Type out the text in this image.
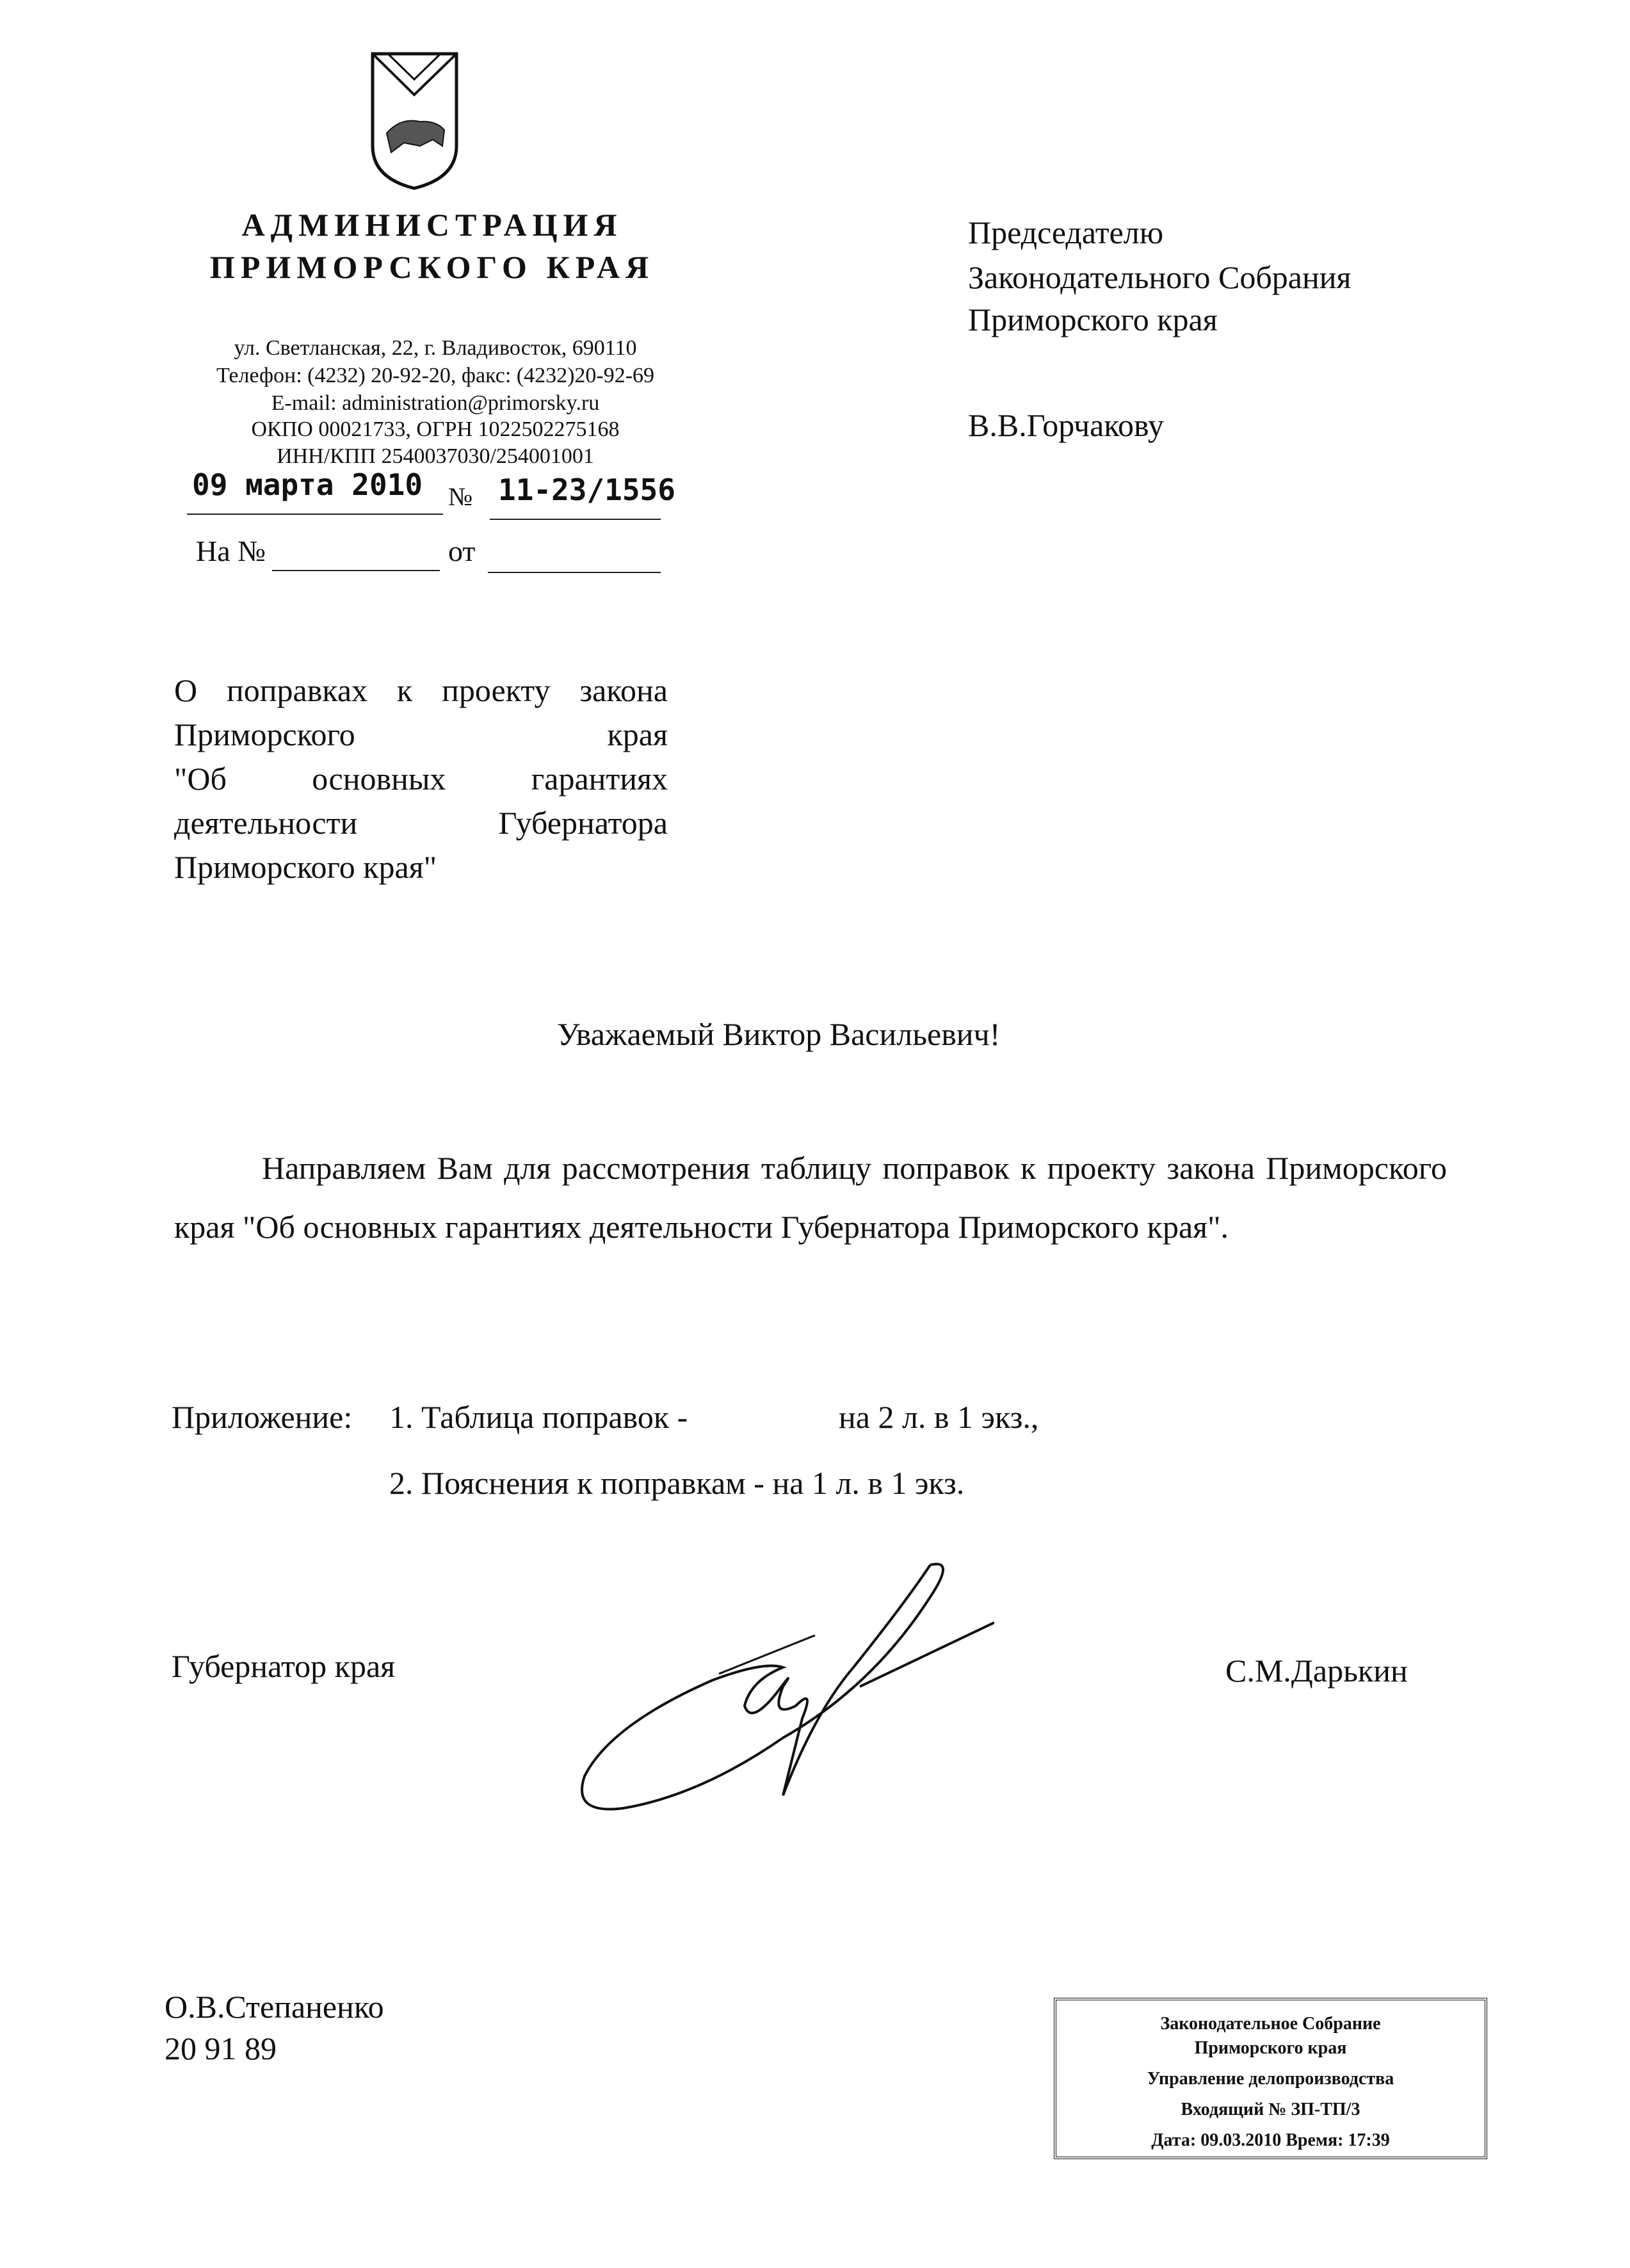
АДМИНИСТРАЦИЯ
ПРИМОРСКОГО КРАЯ
ул. Светланская, 22, г. Владивосток, 690110
Телефон: (4232) 20-92-20, факс: (4232)20-92-69
E-mail: administration@primorsky.ru
ОКПО 00021733, ОГРН 1022502275168
ИНН/КПП 2540037030/254001001
09 марта 2010 № 11-23/1556
На №	от
Председателю
Законодательного Собрания
Приморского края
В.В.Горчакову
О поправках к проекту закона
Приморского края
"Об основных гарантиях
деятельности Губернатора
Приморского края"
Уважаемый Виктор Васильевич!
Направляем Вам для рассмотрения таблицу поправок к проекту закона Приморского края "Об основных гарантиях деятельности Губернатора Приморского края".
Приложение: 1. Таблица поправок -	на 2 л. в 1 экз.,
2. Пояснения к поправкам - на 1 л. в 1 экз.
Губернатор края	С.М.Дарькин
О.В.Степаненко
20 91 89
Законодательное Собрание
Приморского края
Управление делопроизводства
Входящий № ЗП-ТП/3
Дата: 09.03.2010 Время: 17:39
